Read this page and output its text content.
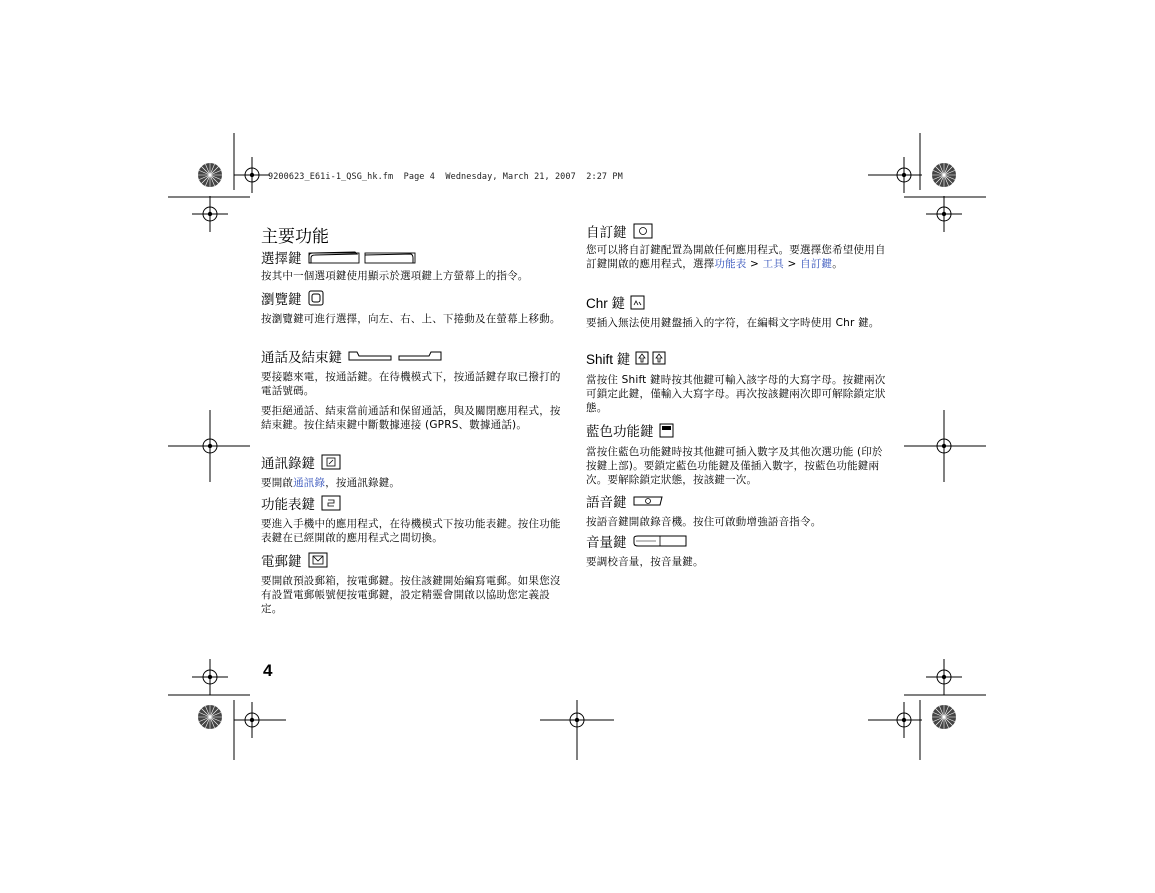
9200623_E61i-1_QSG_hk.fm  Page 4  Wednesday, March 21, 2007  2:27 PM
主要功能
選擇鍵
按其中一個選項鍵使用顯示於選項鍵上方螢幕上的指令。
瀏覽鍵
按瀏覽鍵可進行選擇，向左、右、上、下捲動及在螢幕上移動。
通話及結束鍵
要接聽來電，按通話鍵。在待機模式下，按通話鍵存取已撥打的電話號碼。
要拒絕通話、結束當前通話和保留通話，與及關閉應用程式，按結束鍵。按住結束鍵中斷數據連接 (GPRS、數據通話)。
通訊錄鍵
要開啟通訊錄，按通訊錄鍵。
功能表鍵
要進入手機中的應用程式，在待機模式下按功能表鍵。按住功能表鍵在已經開啟的應用程式之間切換。
電郵鍵
要開啟預設郵箱，按電郵鍵。按住該鍵開始編寫電郵。如果您沒有設置電郵帳號便按電郵鍵，設定精靈會開啟以協助您定義設定。
4
自訂鍵
您可以將自訂鍵配置為開啟任何應用程式。要選擇您希望使用自訂鍵開啟的應用程式，選擇功能表 > 工具 > 自訂鍵。
Chr 鍵
要插入無法使用鍵盤插入的字符，在編輯文字時使用 Chr 鍵。
Shift 鍵
當按住 Shift 鍵時按其他鍵可輸入該字母的大寫字母。按鍵兩次可鎖定此鍵，僅輸入大寫字母。再次按該鍵兩次即可解除鎖定狀態。
藍色功能鍵
當按住藍色功能鍵時按其他鍵可插入數字及其他次選功能 (印於按鍵上部)。要鎖定藍色功能鍵及僅插入數字，按藍色功能鍵兩次。要解除鎖定狀態，按該鍵一次。
語音鍵
按語音鍵開啟錄音機。按住可啟動增強語音指令。
音量鍵
要調校音量，按音量鍵。
